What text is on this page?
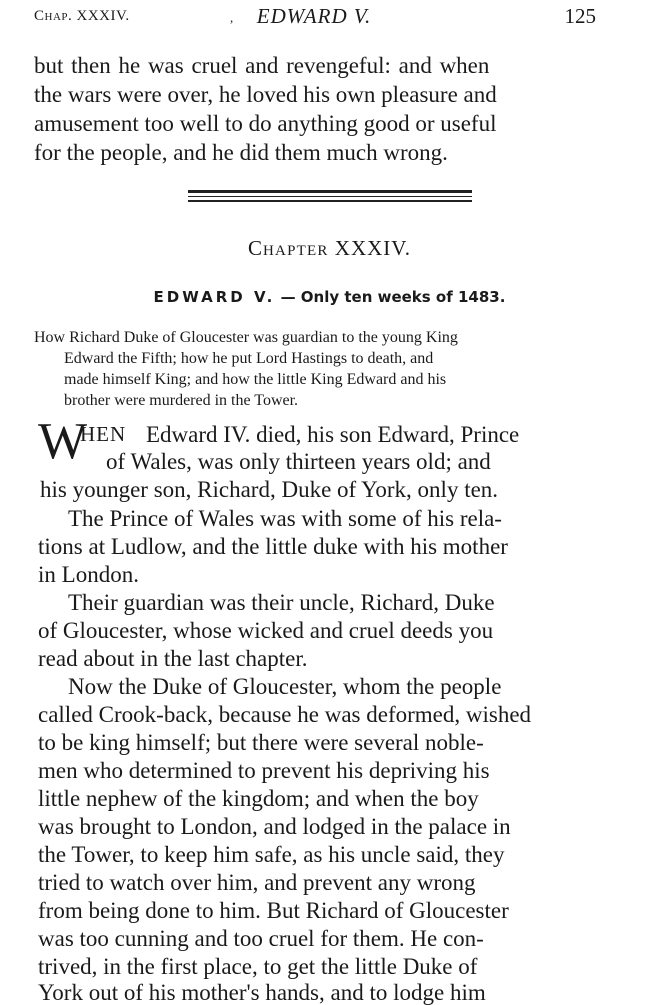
Chap. XXXIV.	,	EDWARD V.	125
but then he was cruel and revengeful: and when
the wars were over, he loved his own pleasure and
amusement too well to do anything good or useful
for the people, and he did them much wrong.
CHAPTER XXXIV.
EDWARD V. — Only ten weeks of 1483.
How Richard Duke of Gloucester was guardian to the young King
Edward the Fifth; how he put Lord Hastings to death, and
made himself King; and how the little King Edward and his
brother were murdered in the Tower.
W
HEN Edward IV. died, his son Edward, Prince
of Wales, was only thirteen years old; and
his younger son, Richard, Duke of York, only ten.
The Prince of Wales was with some of his rela-
tions at Ludlow, and the little duke with his mother
in London.
Their guardian was their uncle, Richard, Duke
of Gloucester, whose wicked and cruel deeds you
read about in the last chapter.
Now the Duke of Gloucester, whom the people
called Crook-back, because he was deformed, wished
to be king himself; but there were several noble-
men who determined to prevent his depriving his
little nephew of the kingdom; and when the boy
was brought to London, and lodged in the palace in
the Tower, to keep him safe, as his uncle said, they
tried to watch over him, and prevent any wrong
from being done to him. But Richard of Gloucester
was too cunning and too cruel for them. He con-
trived, in the first place, to get the little Duke of
York out of his mother's hands, and to lodge him
